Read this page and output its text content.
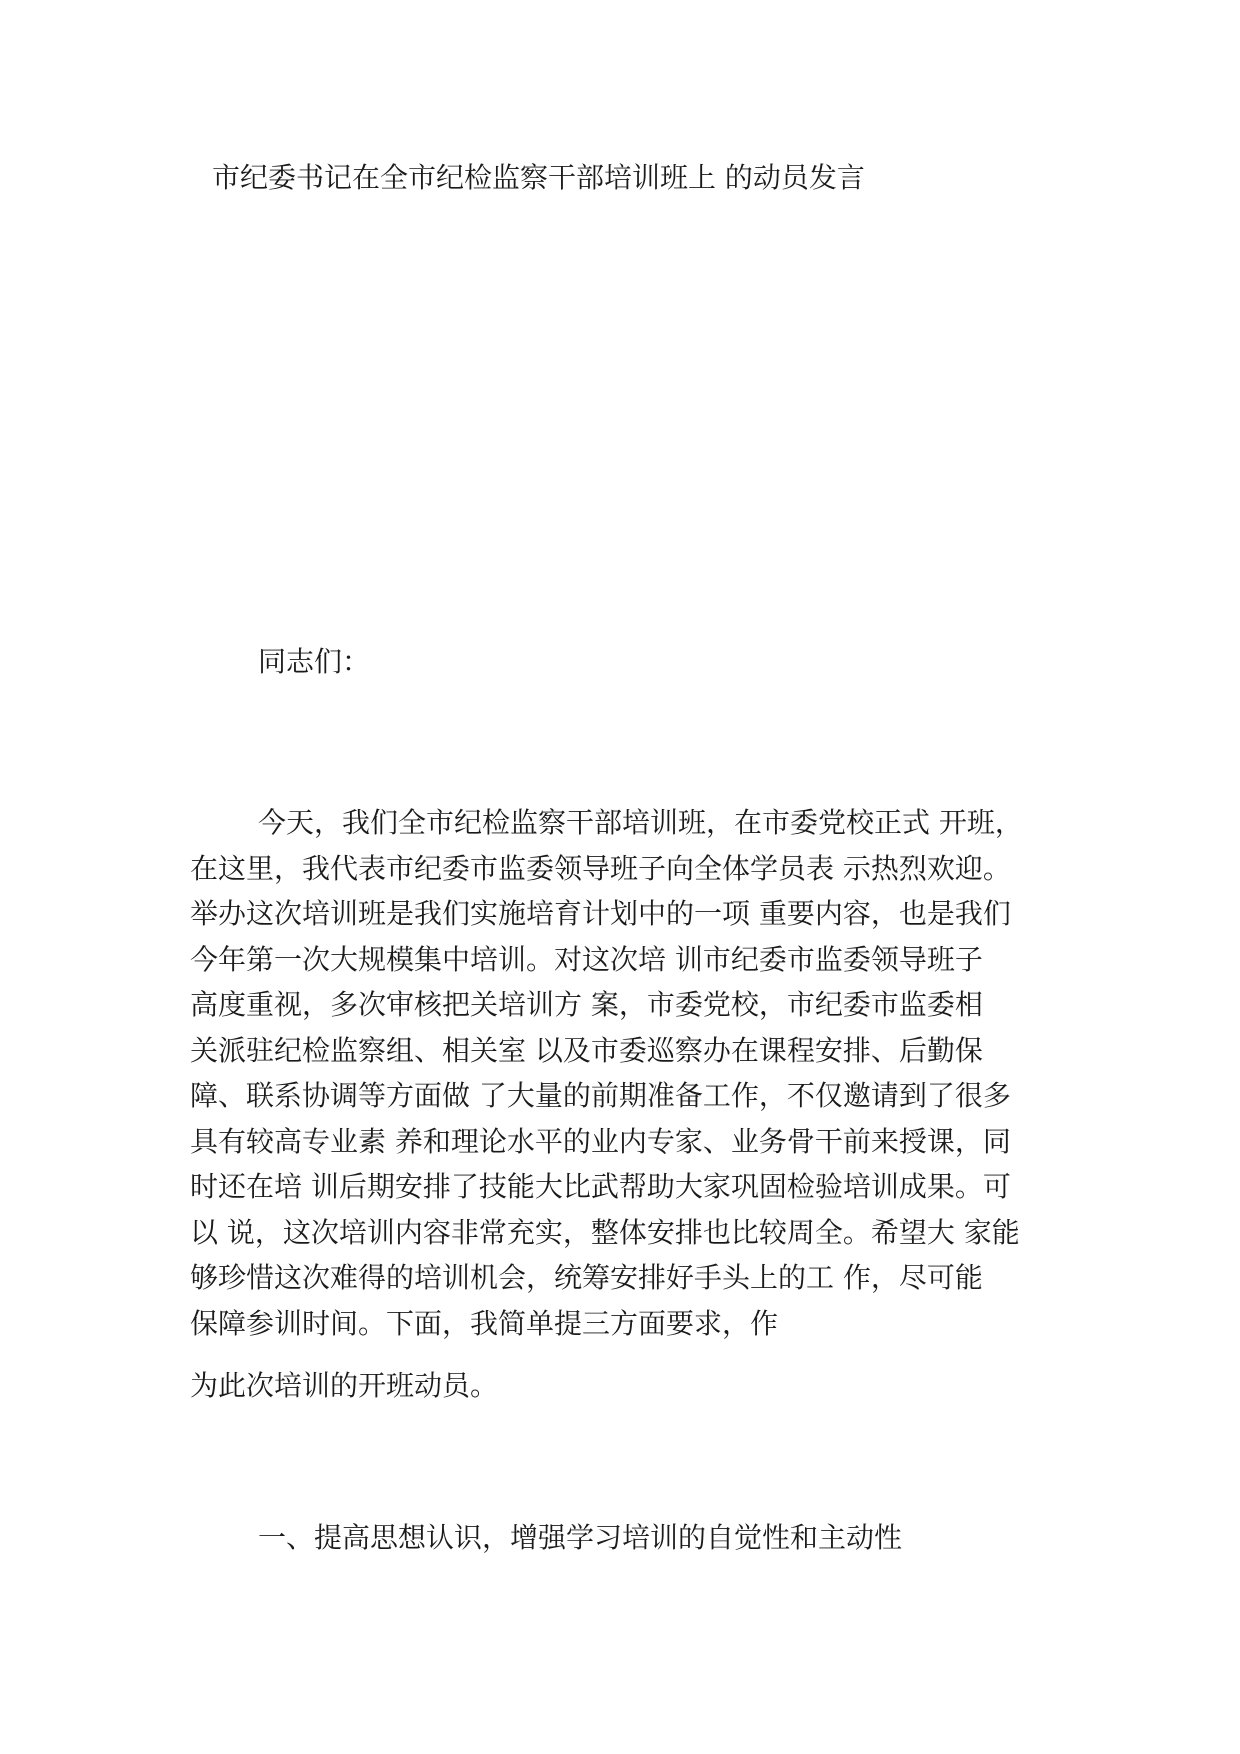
市纪委书记在全市纪检监察干部培训班上 的动员发言
同志们：
今天，我们全市纪检监察干部培训班，在市委党校正式 开班，
在这里，我代表市纪委市监委领导班子向全体学员表 示热烈欢迎。
举办这次培训班是我们实施培育计划中的一项 重要内容，也是我们
今年第一次大规模集中培训。对这次培 训市纪委市监委领导班子
高度重视，多次审核把关培训方 案，市委党校，市纪委市监委相
关派驻纪检监察组、相关室 以及市委巡察办在课程安排、后勤保
障、联系协调等方面做 了大量的前期准备工作，不仅邀请到了很多
具有较高专业素 养和理论水平的业内专家、业务骨干前来授课，同
时还在培 训后期安排了技能大比武帮助大家巩固检验培训成果。可
以 说，这次培训内容非常充实，整体安排也比较周全。希望大 家能
够珍惜这次难得的培训机会，统筹安排好手头上的工 作，尽可能
保障参训时间。下面，我简单提三方面要求，作
为此次培训的开班动员。
一、提高思想认识，增强学习培训的自觉性和主动性
